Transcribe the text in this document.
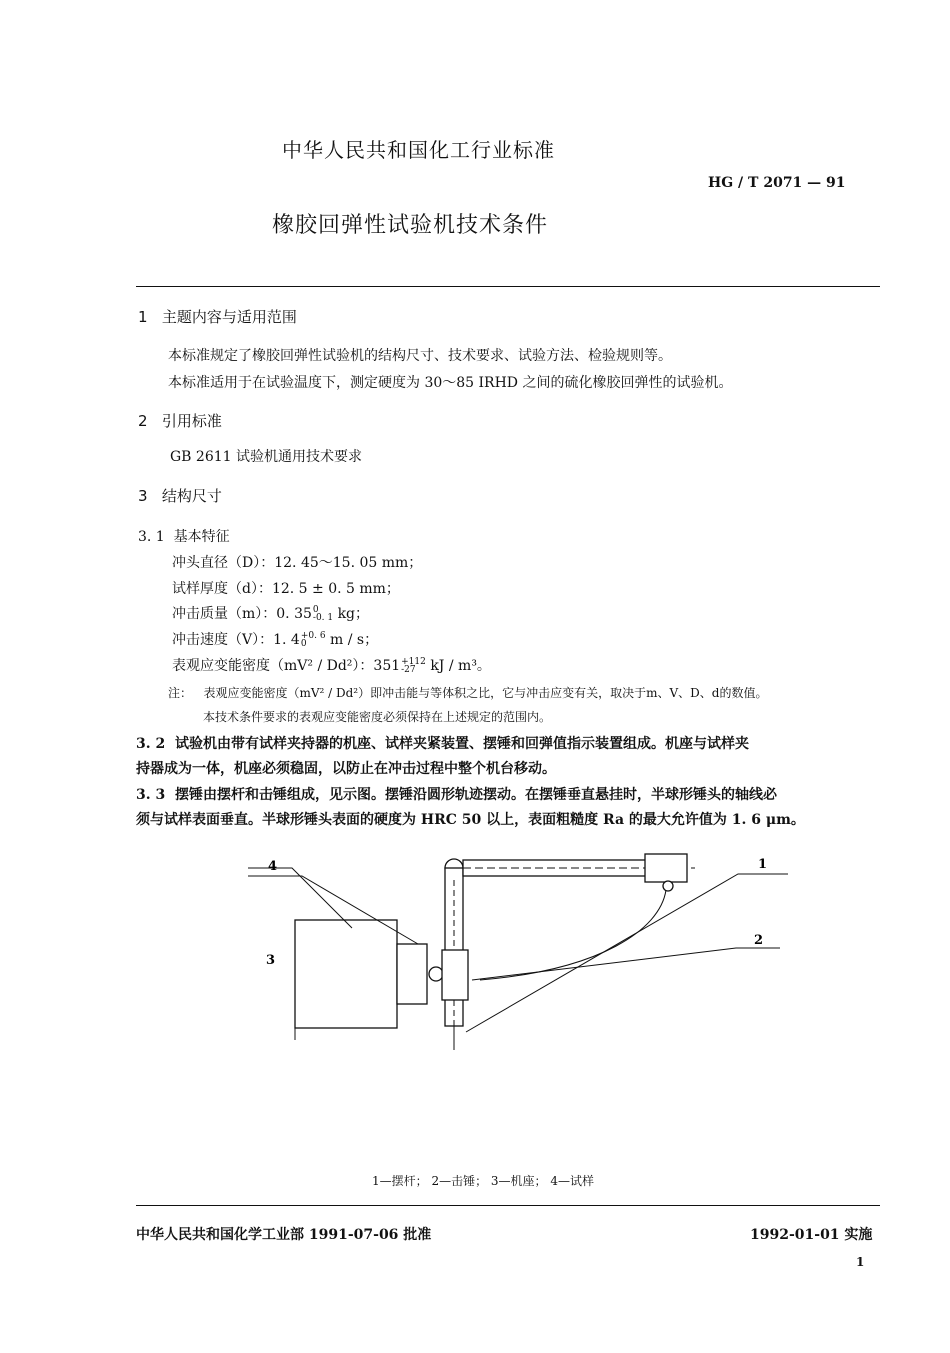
中华人民共和国化工行业标准
HG / T 2071 — 91
橡胶回弹性试验机技术条件
1 主题内容与适用范围
本标准规定了橡胶回弹性试验机的结构尺寸、技术要求、试验方法、检验规则等。
本标准适用于在试验温度下，测定硬度为 30～85 IRHD 之间的硫化橡胶回弹性的试验机。
2 引用标准
GB 2611 试验机通用技术要求
3 结构尺寸
3. 1 基本特征
冲头直径（D）：12. 45～15. 05 mm；
试样厚度（d）：12. 5 ± 0. 5 mm；
冲击质量（m）：0. 35 0
-0. 1 kg；
冲击速度（V）：1. 4 +0. 6
0	m / s；
表观应变能密度（mV² / Dd²）：351 +112
-27 kJ / m³。
注： 表观应变能密度（mV² / Dd²）即冲击能与等体积之比，它与冲击应变有关，取决于m、V、D、d的数值。
本技术条件要求的表观应变能密度必须保持在上述规定的范围内。
3. 2 试验机由带有试样夹持器的机座、试样夹紧装置、摆锤和回弹值指示装置组成。机座与试样夹
持器成为一体，机座必须稳固，以防止在冲击过程中整个机台移动。
3. 3 摆锤由摆杆和击锤组成，见示图。摆锤沿圆形轨迹摆动。在摆锤垂直悬挂时，半球形锤头的轴线必
须与试样表面垂直。半球形锤头表面的硬度为 HRC 50 以上，表面粗糙度 Ra 的最大允许值为 1. 6 μm。
4
3
1
2
1—摆杆； 2—击锤； 3—机座； 4—试样
中华人民共和国化学工业部 1991-07-06 批准	1992-01-01 实施
1
